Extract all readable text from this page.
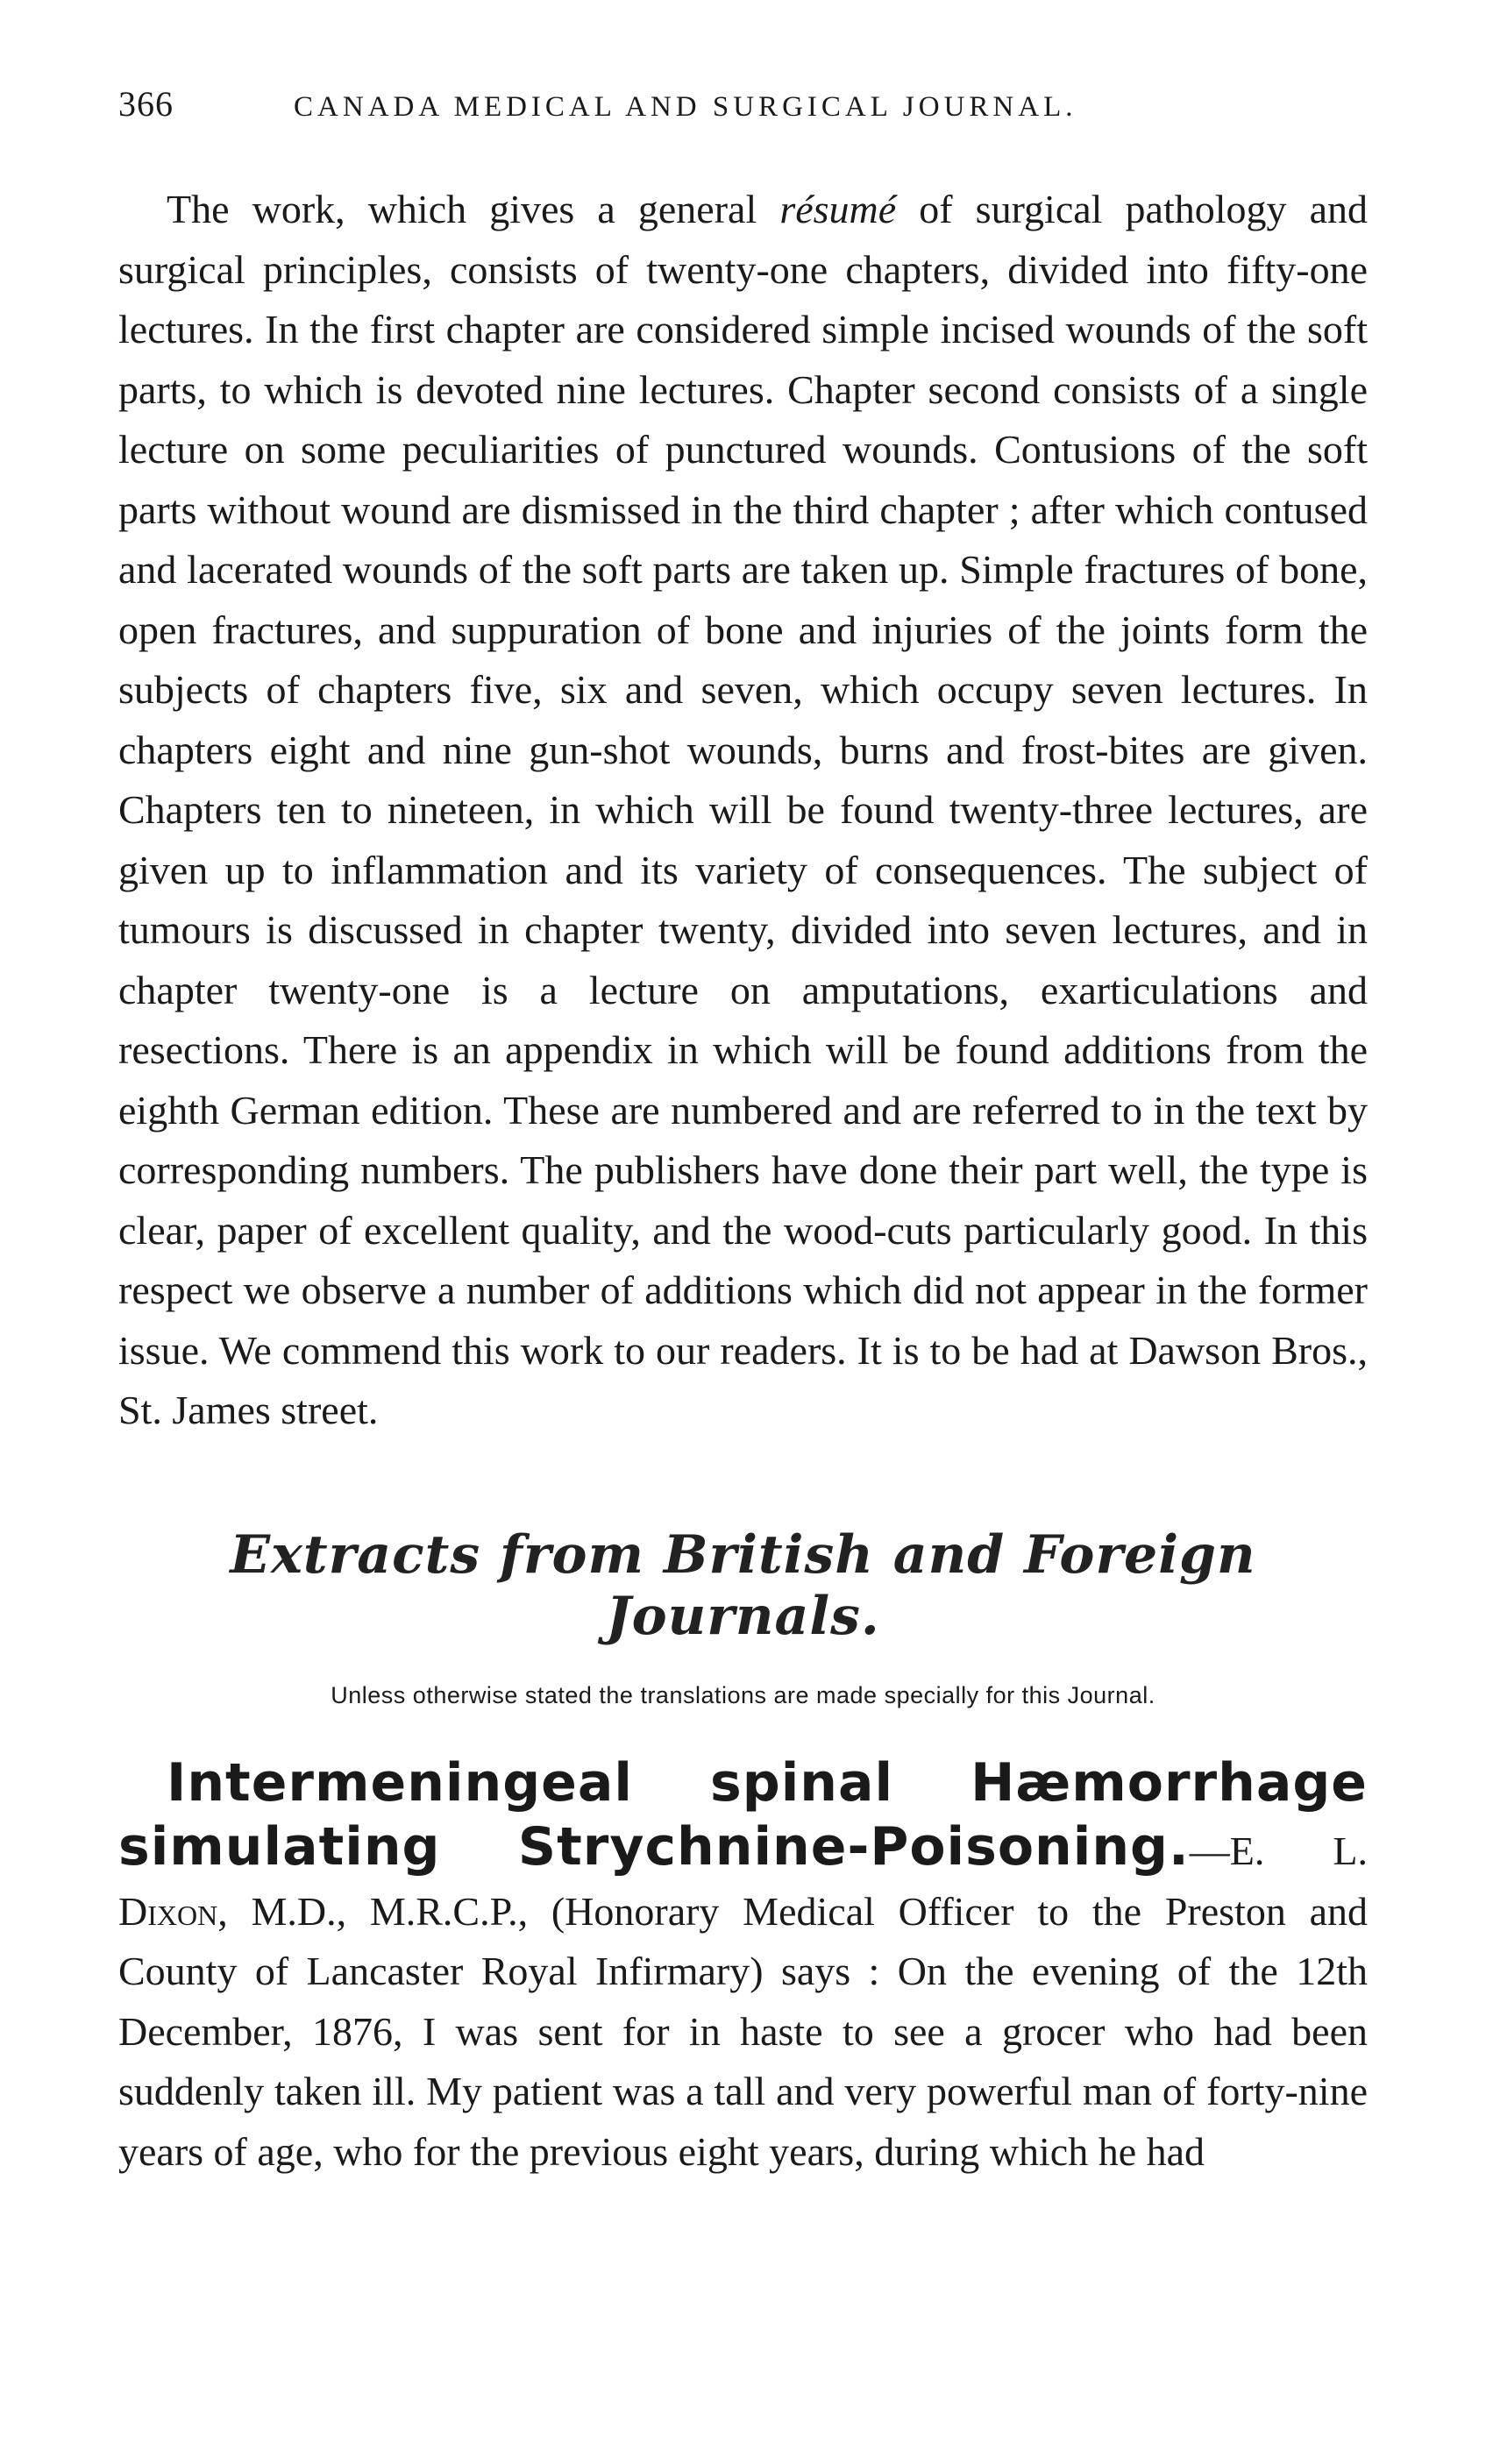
366	CANADA MEDICAL AND SURGICAL JOURNAL.

The work, which gives a general résumé of surgical pathology and surgical principles, consists of twenty-one chapters, divided into fifty-one lectures. In the first chapter are considered simple incised wounds of the soft parts, to which is devoted nine lectures. Chapter second consists of a single lecture on some peculiarities of punctured wounds. Contusions of the soft parts without wound are dismissed in the third chapter ; after which contused and lacerated wounds of the soft parts are taken up. Simple fractures of bone, open fractures, and suppuration of bone and injuries of the joints form the subjects of chapters five, six and seven, which occupy seven lectures. In chapters eight and nine gun-shot wounds, burns and frost-bites are given. Chapters ten to nineteen, in which will be found twenty-three lectures, are given up to inflammation and its variety of consequences. The subject of tumours is discussed in chapter twenty, divided into seven lectures, and in chapter twenty-one is a lecture on amputations, exarticulations and resections. There is an appendix in which will be found additions from the eighth German edition. These are numbered and are referred to in the text by corresponding numbers. The publishers have done their part well, the type is clear, paper of excellent quality, and the wood-cuts particularly good. In this respect we observe a number of additions which did not appear in the former issue. We commend this work to our readers. It is to be had at Dawson Bros., St. James street.

Extracts from British and Foreign Journals.
Unless otherwise stated the translations are made specially for this Journal.

Intermeningeal spinal Hæmorrhage simulating Strychnine-Poisoning.—E. L. Dixon, M.D., M.R.C.P., (Honorary Medical Officer to the Preston and County of Lancaster Royal Infirmary) says : On the evening of the 12th December, 1876, I was sent for in haste to see a grocer who had been suddenly taken ill. My patient was a tall and very powerful man of forty-nine years of age, who for the previous eight years, during which he had
